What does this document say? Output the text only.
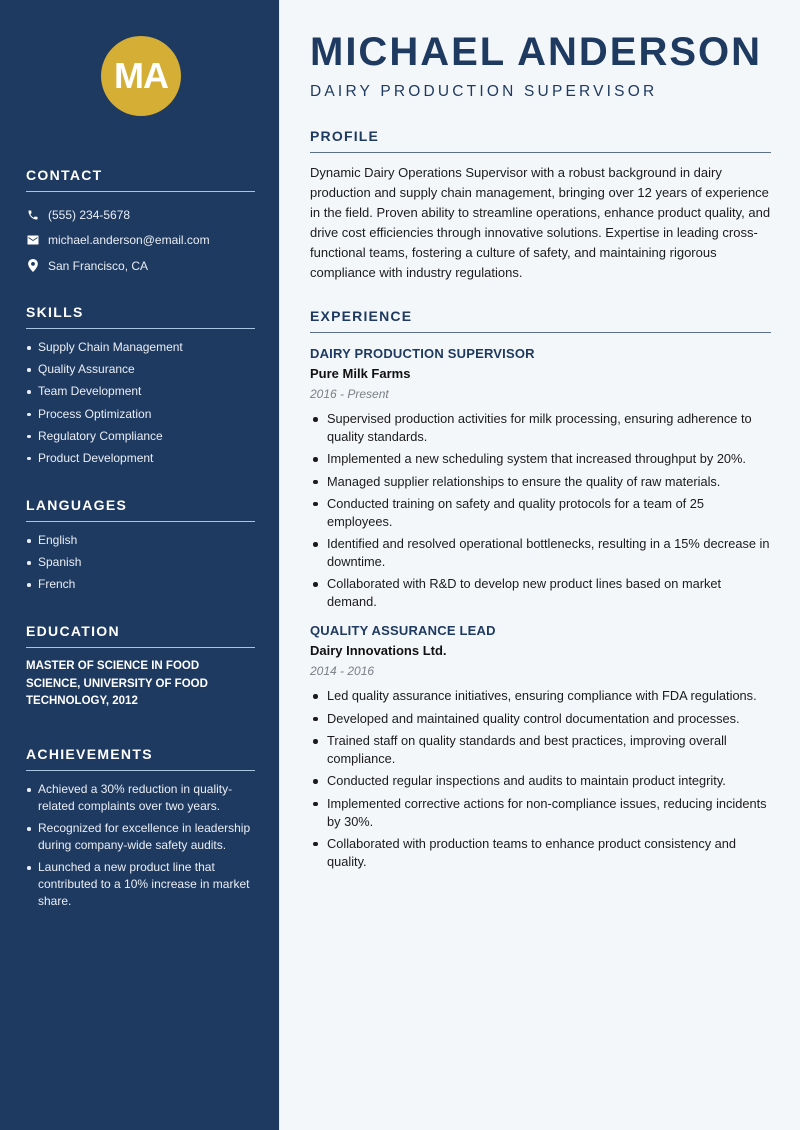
MA
CONTACT
(555) 234-5678
michael.anderson@email.com
San Francisco, CA
SKILLS
Supply Chain Management
Quality Assurance
Team Development
Process Optimization
Regulatory Compliance
Product Development
LANGUAGES
English
Spanish
French
EDUCATION

MASTER OF SCIENCE IN FOOD SCIENCE, UNIVERSITY OF FOOD TECHNOLOGY, 2012

ACHIEVEMENTS
Achieved a 30% reduction in quality-related complaints over two years.
Recognized for excellence in leadership during company-wide safety audits.
Launched a new product line that contributed to a 10% increase in market share.
MICHAEL ANDERSON
DAIRY PRODUCTION SUPERVISOR
PROFILE

Dynamic Dairy Operations Supervisor with a robust background in dairy production and supply chain management, bringing over 12 years of experience in the field. Proven ability to streamline operations, enhance product quality, and drive cost efficiencies through innovative solutions. Expertise in leading cross-functional teams, fostering a culture of safety, and maintaining rigorous compliance with industry regulations.

EXPERIENCE
DAIRY PRODUCTION SUPERVISOR
Pure Milk Farms
2016 - Present
Supervised production activities for milk processing, ensuring adherence to quality standards.
Implemented a new scheduling system that increased throughput by 20%.
Managed supplier relationships to ensure the quality of raw materials.
Conducted training on safety and quality protocols for a team of 25 employees.
Identified and resolved operational bottlenecks, resulting in a 15% decrease in downtime.
Collaborated with R&D to develop new product lines based on market demand.
QUALITY ASSURANCE LEAD
Dairy Innovations Ltd.
2014 - 2016
Led quality assurance initiatives, ensuring compliance with FDA regulations.
Developed and maintained quality control documentation and processes.
Trained staff on quality standards and best practices, improving overall compliance.
Conducted regular inspections and audits to maintain product integrity.
Implemented corrective actions for non-compliance issues, reducing incidents by 30%.
Collaborated with production teams to enhance product consistency and quality.
